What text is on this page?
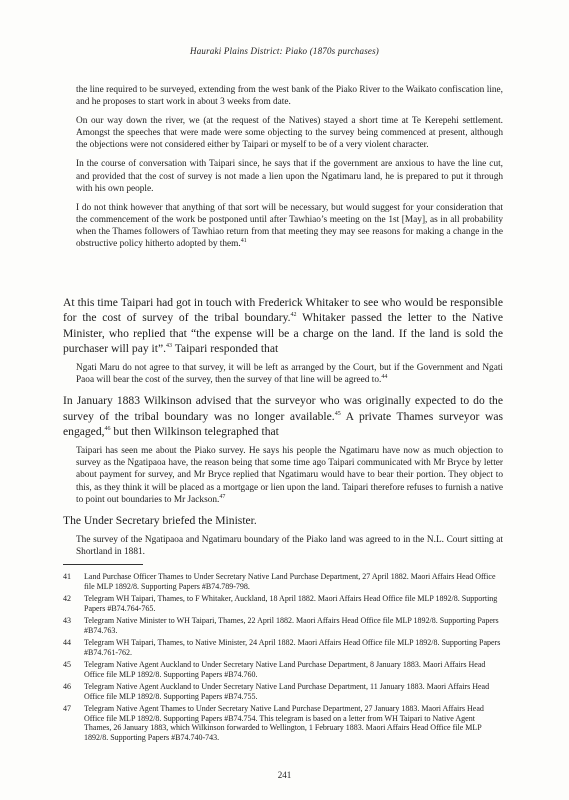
Hauraki Plains District: Piako (1870s purchases)

the line required to be surveyed, extending from the west bank of the Piako River to the Waikato confiscation line, and he proposes to start work in about 3 weeks from date.

On our way down the river, we (at the request of the Natives) stayed a short time at Te Kerepehi settlement. Amongst the speeches that were made were some objecting to the survey being commenced at present, although the objections were not considered either by Taipari or myself to be of a very violent character.

In the course of conversation with Taipari since, he says that if the government are anxious to have the line cut, and provided that the cost of survey is not made a lien upon the Ngatimaru land, he is prepared to put it through with his own people.

I do not think however that anything of that sort will be necessary, but would suggest for your consideration that the commencement of the work be postponed until after Tawhiao’s meeting on the 1st [May], as in all probability when the Thames followers of Tawhiao return from that meeting they may see reasons for making a change in the obstructive policy hitherto adopted by them.$^{41}$

At this time Taipari had got in touch with Frederick Whitaker to see who would be responsible for the cost of survey of the tribal boundary.$^{42}$ Whitaker passed the letter to the Native Minister, who replied that “the expense will be a charge on the land. If the land is sold the purchaser will pay it”.$^{43}$ Taipari responded that

Ngati Maru do not agree to that survey, it will be left as arranged by the Court, but if the Government and Ngati Paoa will bear the cost of the survey, then the survey of that line will be agreed to.$^{44}$

In January 1883 Wilkinson advised that the surveyor who was originally expected to do the survey of the tribal boundary was no longer available.$^{45}$ A private Thames surveyor was engaged,$^{46}$ but then Wilkinson telegraphed that

Taipari has seen me about the Piako survey. He says his people the Ngatimaru have now as much objection to survey as the Ngatipaoa have, the reason being that some time ago Taipari communicated with Mr Bryce by letter about payment for survey, and Mr Bryce replied that Ngatimaru would have to bear their portion. They object to this, as they think it will be placed as a mortgage or lien upon the land. Taipari therefore refuses to furnish a native to point out boundaries to Mr Jackson.$^{47}$

The Under Secretary briefed the Minister.

The survey of the Ngatipaoa and Ngatimaru boundary of the Piako land was agreed to in the N.L. Court sitting at Shortland in 1881.

41	Land Purchase Officer Thames to Under Secretary Native Land Purchase Department, 27 April 1882. Maori Affairs Head Office file MLP 1892/8. Supporting Papers #B74.789-798.
42	Telegram WH Taipari, Thames, to F Whitaker, Auckland, 18 April 1882. Maori Affairs Head Office file MLP 1892/8. Supporting Papers #B74.764-765.
43	Telegram Native Minister to WH Taipari, Thames, 22 April 1882. Maori Affairs Head Office file MLP 1892/8. Supporting Papers #B74.763.
44	Telegram WH Taipari, Thames, to Native Minister, 24 April 1882. Maori Affairs Head Office file MLP 1892/8. Supporting Papers #B74.761-762.
45	Telegram Native Agent Auckland to Under Secretary Native Land Purchase Department, 8 January 1883. Maori Affairs Head Office file MLP 1892/8. Supporting Papers #B74.760.
46	Telegram Native Agent Auckland to Under Secretary Native Land Purchase Department, 11 January 1883. Maori Affairs Head Office file MLP 1892/8. Supporting Papers #B74.755.
47	Telegram Native Agent Thames to Under Secretary Native Land Purchase Department, 27 January 1883. Maori Affairs Head Office file MLP 1892/8. Supporting Papers #B74.754. This telegram is based on a letter from WH Taipari to Native Agent Thames, 26 January 1883, which Wilkinson forwarded to Wellington, 1 February 1883. Maori Affairs Head Office file MLP 1892/8. Supporting Papers #B74.740-743.
241
